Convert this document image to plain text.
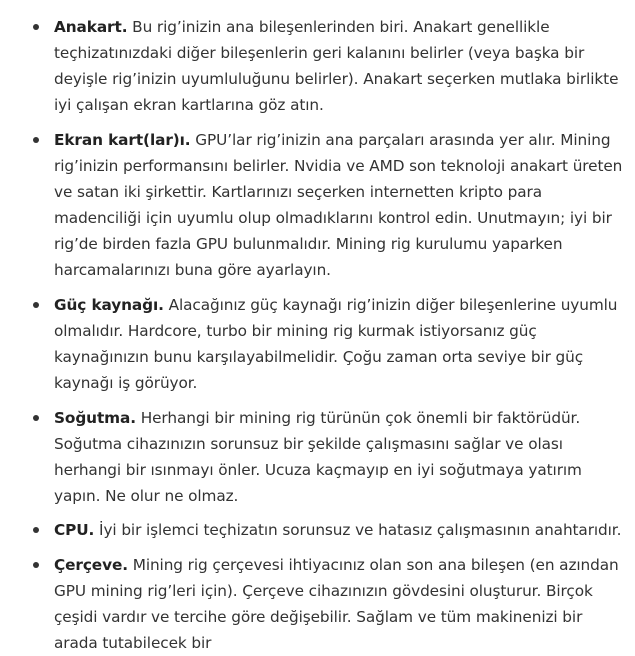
Anakart. Bu rig’inizin ana bileşenlerinden biri. Anakart genellikle teçhizatınızdaki diğer bileşenlerin geri kalanını belirler (veya başka bir deyişle rig’inizin uyumluluğunu belirler). Anakart seçerken mutlaka birlikte iyi çalışan ekran kartlarına göz atın.
Ekran kart(lar)ı. GPU’lar rig’inizin ana parçaları arasında yer alır. Mining rig’inizin performansını belirler. Nvidia ve AMD son teknoloji anakart üreten ve satan iki şirkettir. Kartlarınızı seçerken internetten kripto para madenciliği için uyumlu olup olmadıklarını kontrol edin. Unutmayın; iyi bir rig’de birden fazla GPU bulunmalıdır. Mining rig kurulumu yaparken harcamalarınızı buna göre ayarlayın.
Güç kaynağı. Alacağınız güç kaynağı rig’inizin diğer bileşenlerine uyumlu olmalıdır. Hardcore, turbo bir mining rig kurmak istiyorsanız güç kaynağınızın bunu karşılayabilmelidir. Çoğu zaman orta seviye bir güç kaynağı iş görüyor.
Soğutma. Herhangi bir mining rig türünün çok önemli bir faktörüdür. Soğutma cihazınızın sorunsuz bir şekilde çalışmasını sağlar ve olası herhangi bir ısınmayı önler. Ucuza kaçmayıp en iyi soğutmaya yatırım yapın. Ne olur ne olmaz.
CPU. İyi bir işlemci teçhizatın sorunsuz ve hatasız çalışmasının anahtarıdır.
Çerçeve. Mining rig çerçevesi ihtiyacınız olan son ana bileşen (en azından GPU mining rig’leri için). Çerçeve cihazınızın gövdesini oluşturur. Birçok çeşidi vardır ve tercihe göre değişebilir. Sağlam ve tüm makinenizi bir arada tutabilecek bir
